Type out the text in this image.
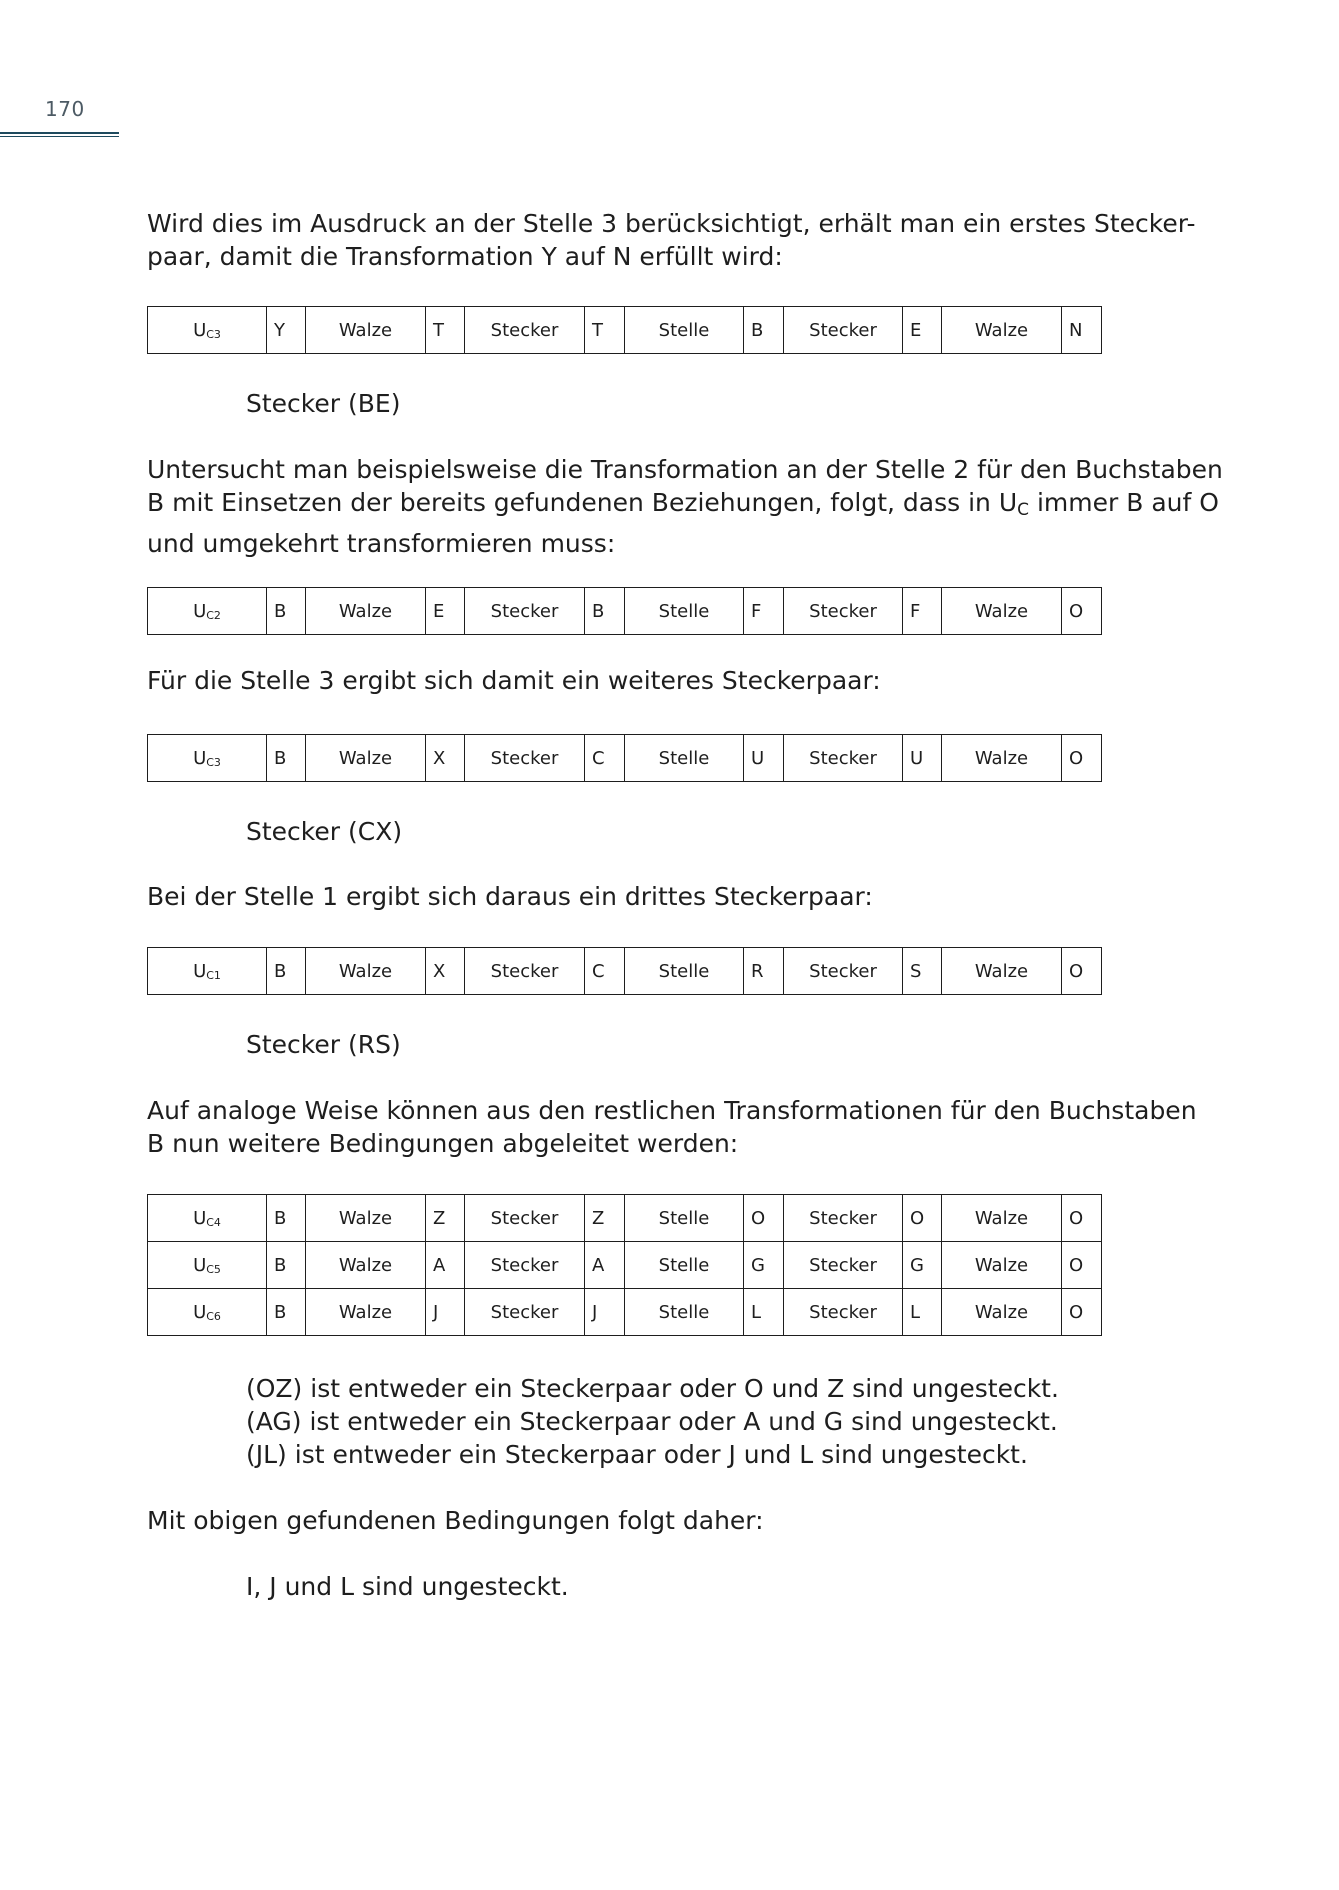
170

Wird dies im Ausdruck an der Stelle 3 berücksichtigt, erhält man ein erstes Stecker-

paar, damit die Transformation Y auf N erfüllt wird:

$U_{C3}$	Y	Walze	T	Stecker	T	Stelle	B	Stecker	E	Walze	N
Stecker (BE)

Untersucht man beispielsweise die Transformation an der Stelle 2 für den Buchstaben

B mit Einsetzen der bereits gefundenen Beziehungen, folgt, dass in UC immer B auf O

und umgekehrt transformieren muss:

$U_{C2}$	B	Walze	E	Stecker	B	Stelle	F	Stecker	F	Walze	O

Für die Stelle 3 ergibt sich damit ein weiteres Steckerpaar:

$U_{C3}$	B	Walze	X	Stecker	C	Stelle	U	Stecker	U	Walze	O
Stecker (CX)

Bei der Stelle 1 ergibt sich daraus ein drittes Steckerpaar:

$U_{C1}$	B	Walze	X	Stecker	C	Stelle	R	Stecker	S	Walze	O
Stecker (RS)

Auf analoge Weise können aus den restlichen Transformationen für den Buchstaben

B nun weitere Bedingungen abgeleitet werden:

$U_{C4}$	B	Walze	Z	Stecker	Z	Stelle	O	Stecker	O	Walze	O
$U_{C5}$	B	Walze	A	Stecker	A	Stelle	G	Stecker	G	Walze	O
$U_{C6}$	B	Walze	J	Stecker	J	Stelle	L	Stecker	L	Walze	O
(OZ) ist entweder ein Steckerpaar oder O und Z sind ungesteckt.
(AG) ist entweder ein Steckerpaar oder A und G sind ungesteckt.
(JL) ist entweder ein Steckerpaar oder J und L sind ungesteckt.

Mit obigen gefundenen Bedingungen folgt daher:

I, J und L sind ungesteckt.
